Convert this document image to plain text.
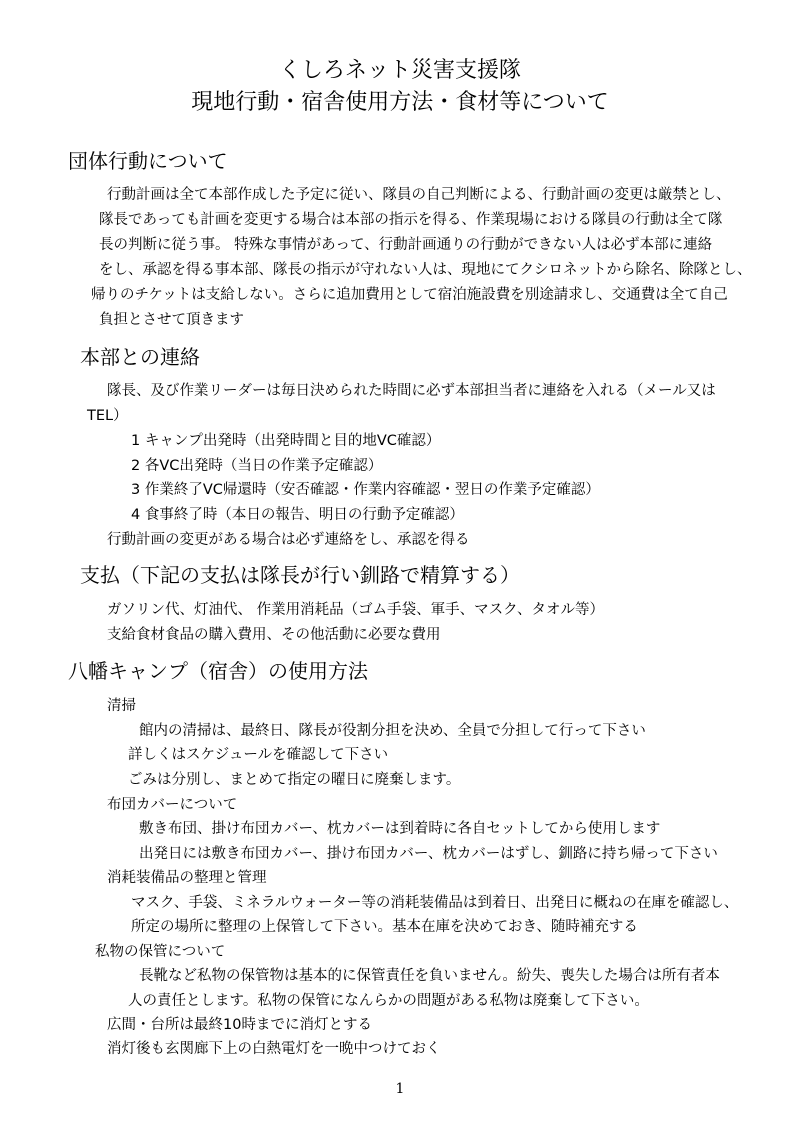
くしろネット災害支援隊
現地行動・宿舎使用方法・食材等について
団体行動について
行動計画は全て本部作成した予定に従い、隊員の自己判断による、行動計画の変更は厳禁とし、
隊長であっても計画を変更する場合は本部の指示を得る、作業現場における隊員の行動は全て隊
長の判断に従う事。 特殊な事情があって、行動計画通りの行動ができない人は必ず本部に連絡
をし、承認を得る事本部、隊長の指示が守れない人は、現地にてクシロネットから除名、除隊とし、
帰りのチケットは支給しない。さらに追加費用として宿泊施設費を別途請求し、交通費は全て自己
負担とさせて頂きます
本部との連絡
隊長、及び作業リーダーは毎日決められた時間に必ず本部担当者に連絡を入れる（メール又は
TEL）
1 キャンプ出発時（出発時間と目的地VC確認）
2 各VC出発時（当日の作業予定確認）
3 作業終了VC帰還時（安否確認・作業内容確認・翌日の作業予定確認）
4 食事終了時（本日の報告、明日の行動予定確認）
行動計画の変更がある場合は必ず連絡をし、承認を得る
支払（下記の支払は隊長が行い釧路で精算する）
ガソリン代、灯油代、 作業用消耗品（ゴム手袋、軍手、マスク、タオル等）
支給食材食品の購入費用、その他活動に必要な費用
八幡キャンプ（宿舎）の使用方法
清掃
館内の清掃は、最終日、隊長が役割分担を決め、全員で分担して行って下さい
詳しくはスケジュールを確認して下さい
ごみは分別し、まとめて指定の曜日に廃棄します。
布団カバーについて
敷き布団、掛け布団カバー、枕カバーは到着時に各自セットしてから使用します
出発日には敷き布団カバー、掛け布団カバー、枕カバーはずし、釧路に持ち帰って下さい
消耗装備品の整理と管理
マスク、手袋、ミネラルウォーター等の消耗装備品は到着日、出発日に概ねの在庫を確認し、
所定の場所に整理の上保管して下さい。基本在庫を決めておき、随時補充する
私物の保管について
長靴など私物の保管物は基本的に保管責任を負いません。紛失、喪失した場合は所有者本
人の責任とします。私物の保管になんらかの問題がある私物は廃棄して下さい。
広間・台所は最終10時までに消灯とする
消灯後も玄関廊下上の白熱電灯を一晩中つけておく
1
